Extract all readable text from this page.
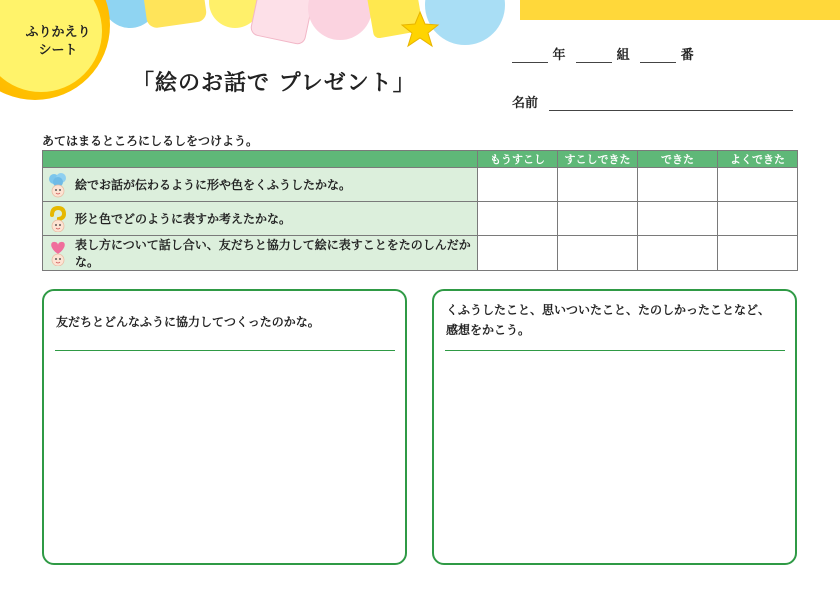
ふりかえり
シート
「絵のお話で プレゼント」
年	組	番
名前
あてはまるところにしるしをつけよう。
	もうすこし	すこしできた	できた	よくできた

絵でお話が伝わるように形や色をくふうしたかな。				

形と色でどのように表すか考えたかな。				

表し方について話し合い、友だちと協力して絵に表すことをたのしんだかな。				

友だちとどんなふうに協力してつくったのかな。
くふうしたこと、思いついたこと、たのしかったことなど、
感想をかこう。
